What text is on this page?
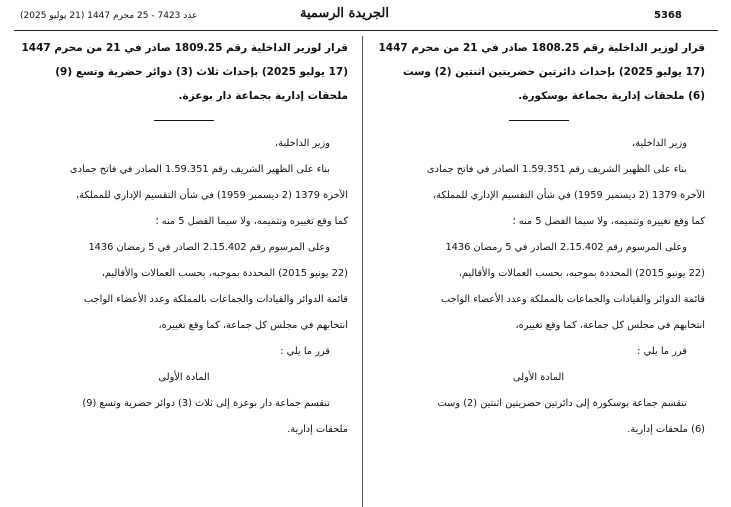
5368
الجريدة الرسمية
عدد 7423 - 25 محرم 1447 (21 يوليو 2025)

قرار لوزير الداخلية رقم 1808.25 صادر في 21 من محرم 1447

(17 يوليو 2025) بإحداث دائرتين حضريتين اثنتين (2) وست

(6) ملحقات إدارية بجماعة بوسكورة.

وزير الداخلية،

بناء على الظهير الشريف رقم 1.59.351 الصادر في فاتح جمادى

الآخرة 1379 (2 ديسمبر 1959) في شأن التقسيم الإداري للمملكة،

كما وقع تغييره وتتميمه، ولا سيما الفصل 5 منه ؛

وعلى المرسوم رقم 2.15.402 الصادر في 5 رمضان 1436

(22 يونيو 2015) المحددة بموجبه، بحسب العمالات والأقاليم،

قائمة الدوائر والقيادات والجماعات بالمملكة وعدد الأعضاء الواجب

انتخابهم في مجلس كل جماعة، كما وقع تغييره،

قرر ما يلي :

المادة الأولى

تنقسم جماعة بوسكورة إلى دائرتين حضريتين اثنتين (2) وست

(6) ملحقات إدارية.

قرار لوزير الداخلية رقم 1809.25 صادر في 21 من محرم 1447

(17 يوليو 2025) بإحداث ثلاث (3) دوائر حضرية وتسع (9)

ملحقات إدارية بجماعة دار بوعزة.

وزير الداخلية،

بناء على الظهير الشريف رقم 1.59.351 الصادر في فاتح جمادى

الآخرة 1379 (2 ديسمبر 1959) في شأن التقسيم الإداري للمملكة،

كما وقع تغييره وتتميمه، ولا سيما الفصل 5 منه ؛

وعلى المرسوم رقم 2.15.402 الصادر في 5 رمضان 1436

(22 يونيو 2015) المحددة بموجبه، بحسب العمالات والأقاليم،

قائمة الدوائر والقيادات والجماعات بالمملكة وعدد الأعضاء الواجب

انتخابهم في مجلس كل جماعة، كما وقع تغييره،

قرر ما يلي :

المادة الأولى

تنقسم جماعة دار بوعزة إلى ثلاث (3) دوائر حضرية وتسع (9)

ملحقات إدارية.
